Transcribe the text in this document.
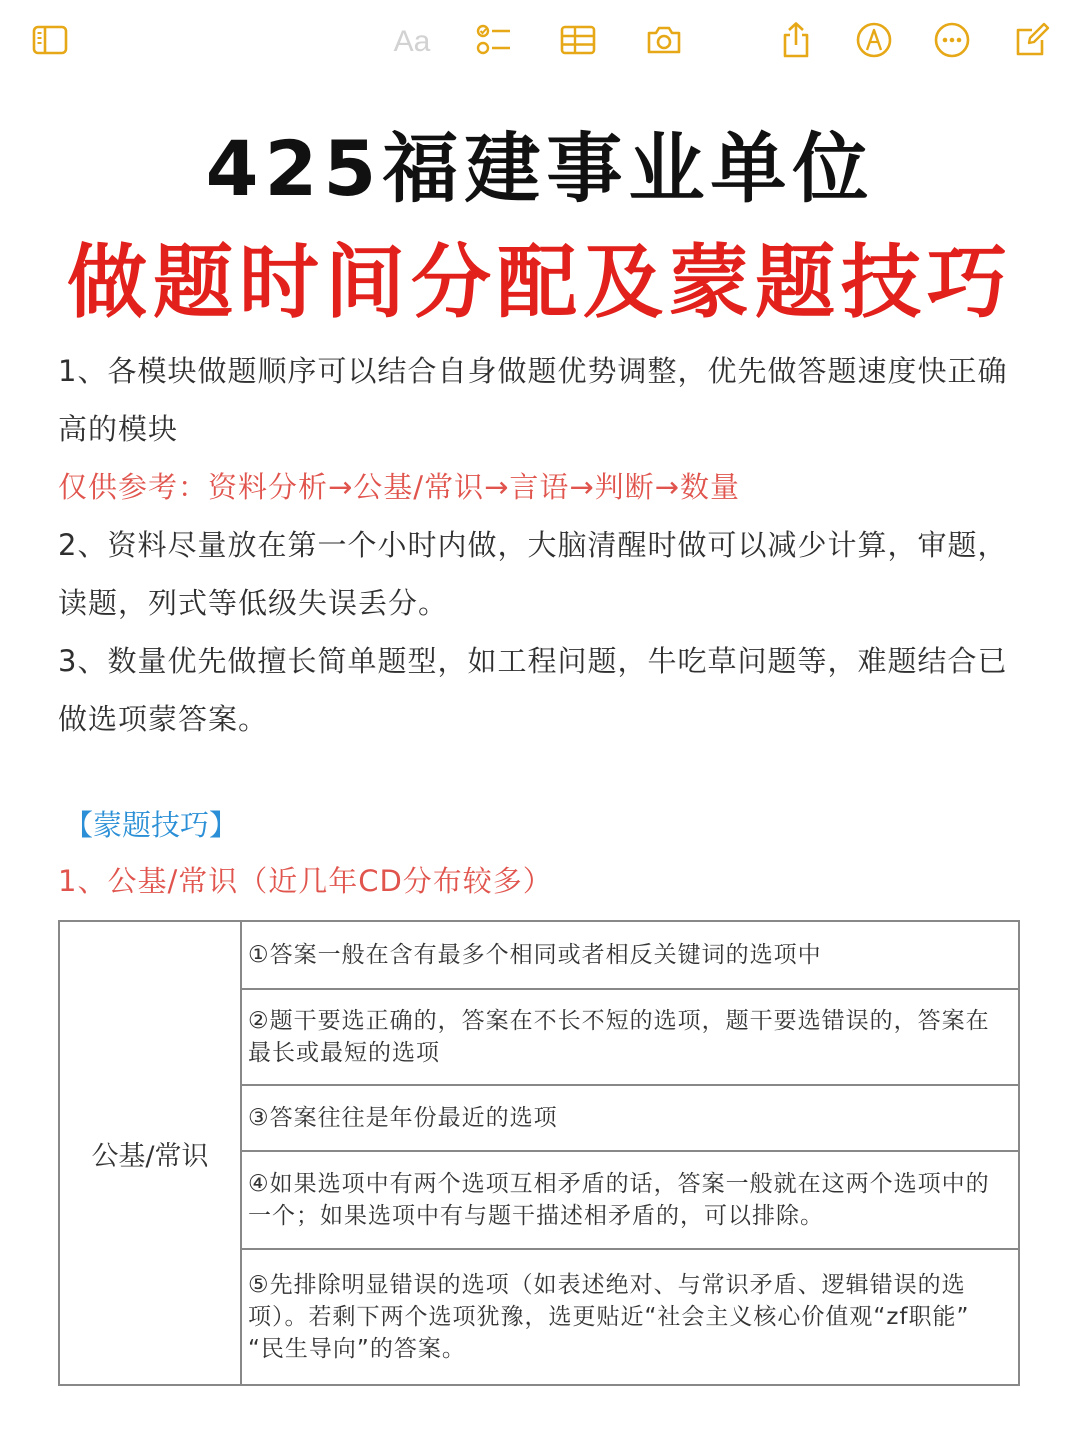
Aa
425福建事业单位
做题时间分配及蒙题技巧
1、各模块做题顺序可以结合自身做题优势调整，优先做答题速度快正确高的模块
仅供参考：资料分析→公基/常识→言语→判断→数量
2、资料尽量放在第一个小时内做，大脑清醒时做可以减少计算，审题，读题，列式等低级失误丢分。
3、数量优先做擅长简单题型，如工程问题，牛吃草问题等，难题结合已做选项蒙答案。
【蒙题技巧】
1、公基/常识（近几年CD分布较多）
公基/常识
①答案一般在含有最多个相同或者相反关键词的选项中
②题干要选正确的，答案在不长不短的选项，题干要选错误的，答案在最长或最短的选项
③答案往往是年份最近的选项
④如果选项中有两个选项互相矛盾的话，答案一般就在这两个选项中的一个；如果选项中有与题干描述相矛盾的，可以排除。
⑤先排除明显错误的选项（如表述绝对、与常识矛盾、逻辑错误的选项）。若剩下两个选项犹豫，选更贴近“社会主义核心价值观“zf职能” “民生导向”的答案。
